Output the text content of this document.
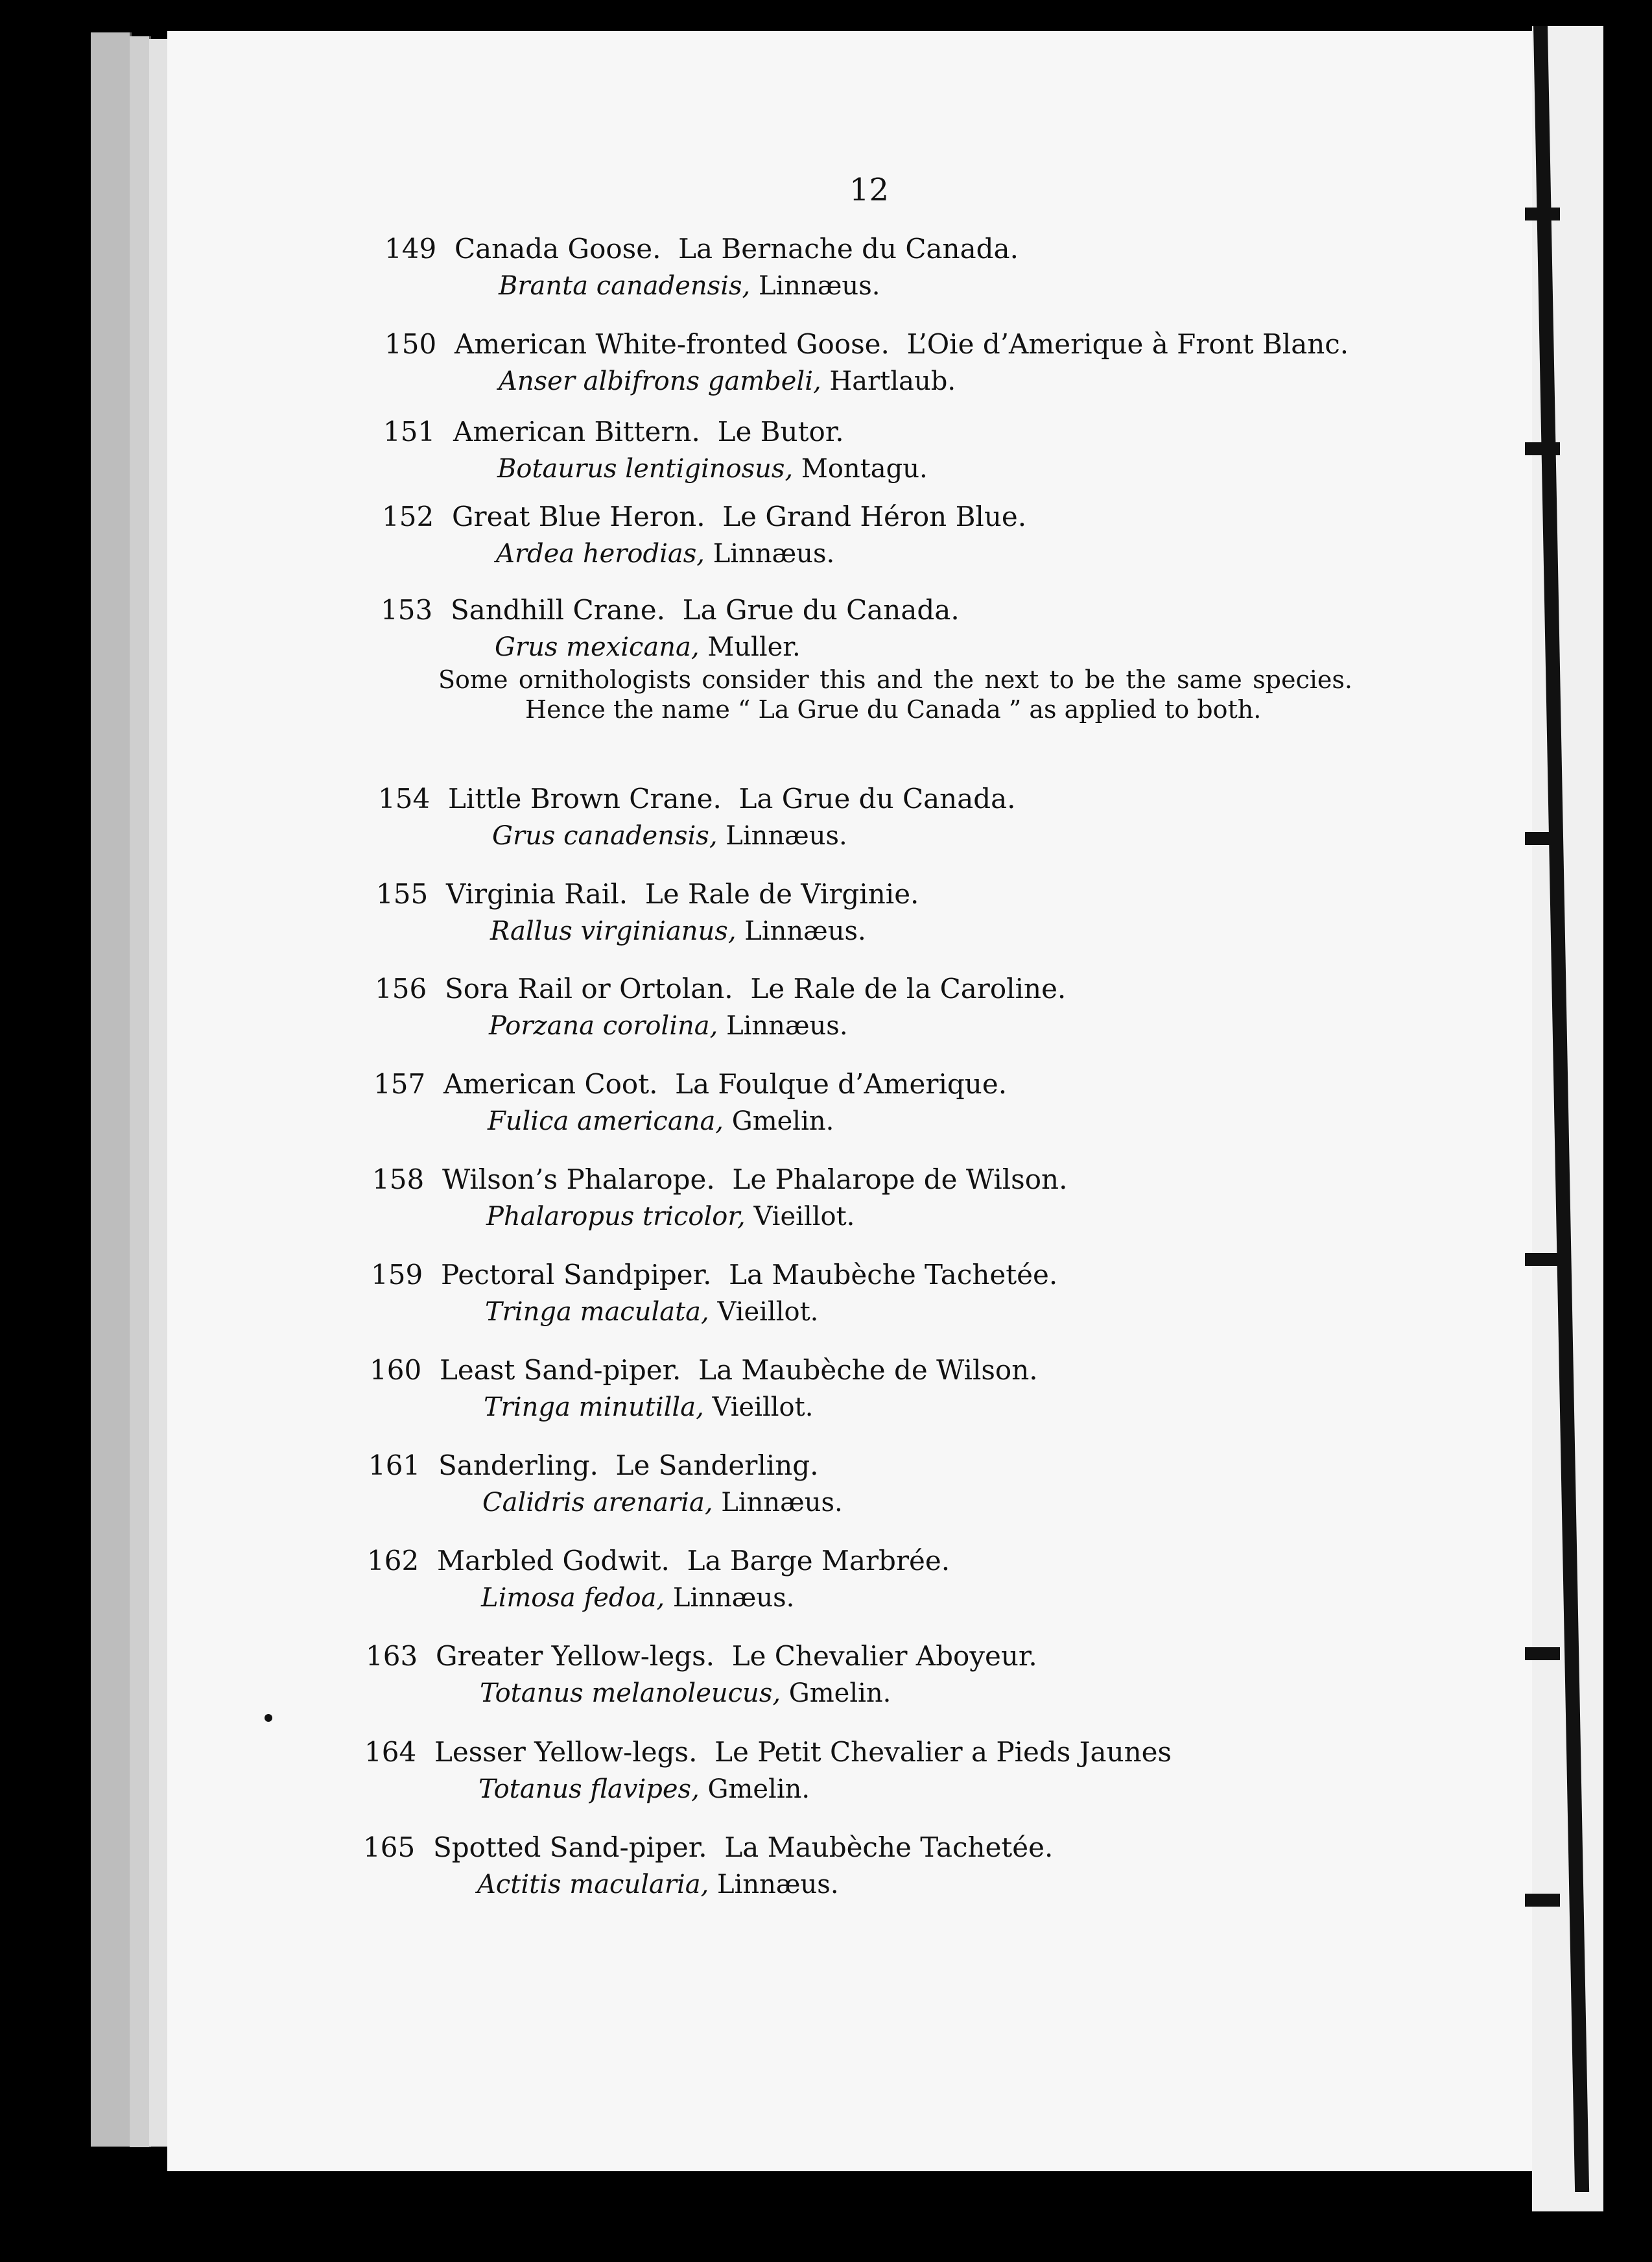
12
149 Canada Goose. La Bernache du Canada.
Branta canadensis, Linnæus.
150 American White-fronted Goose. L’Oie d’Amerique à Front Blanc.
Anser albifrons gambeli, Hartlaub.
151 American Bittern. Le Butor.
Botaurus lentiginosus, Montagu.
152 Great Blue Heron. Le Grand Héron Blue.
Ardea herodias, Linnæus.
153 Sandhill Crane. La Grue du Canada.
Grus mexicana, Muller.
Some ornithologists consider this and the next to be the same species. Hence the name “ La Grue du Canada ” as applied to both.
154 Little Brown Crane. La Grue du Canada.
Grus canadensis, Linnæus.
155 Virginia Rail. Le Rale de Virginie.
Rallus virginianus, Linnæus.
156 Sora Rail or Ortolan. Le Rale de la Caroline.
Porzana corolina, Linnæus.
157 American Coot. La Foulque d’Amerique.
Fulica americana, Gmelin.
158 Wilson’s Phalarope. Le Phalarope de Wilson.
Phalaropus tricolor, Vieillot.
159 Pectoral Sandpiper. La Maubèche Tachetée.
Tringa maculata, Vieillot.
160 Least Sand-piper. La Maubèche de Wilson.
Tringa minutilla, Vieillot.
161 Sanderling. Le Sanderling.
Calidris arenaria, Linnæus.
162 Marbled Godwit. La Barge Marbrée.
Limosa fedoa, Linnæus.
163 Greater Yellow-legs. Le Chevalier Aboyeur.
Totanus melanoleucus, Gmelin.
164 Lesser Yellow-legs. Le Petit Chevalier a Pieds Jaunes
Totanus flavipes, Gmelin.
165 Spotted Sand-piper. La Maubèche Tachetée.
Actitis macularia, Linnæus.
